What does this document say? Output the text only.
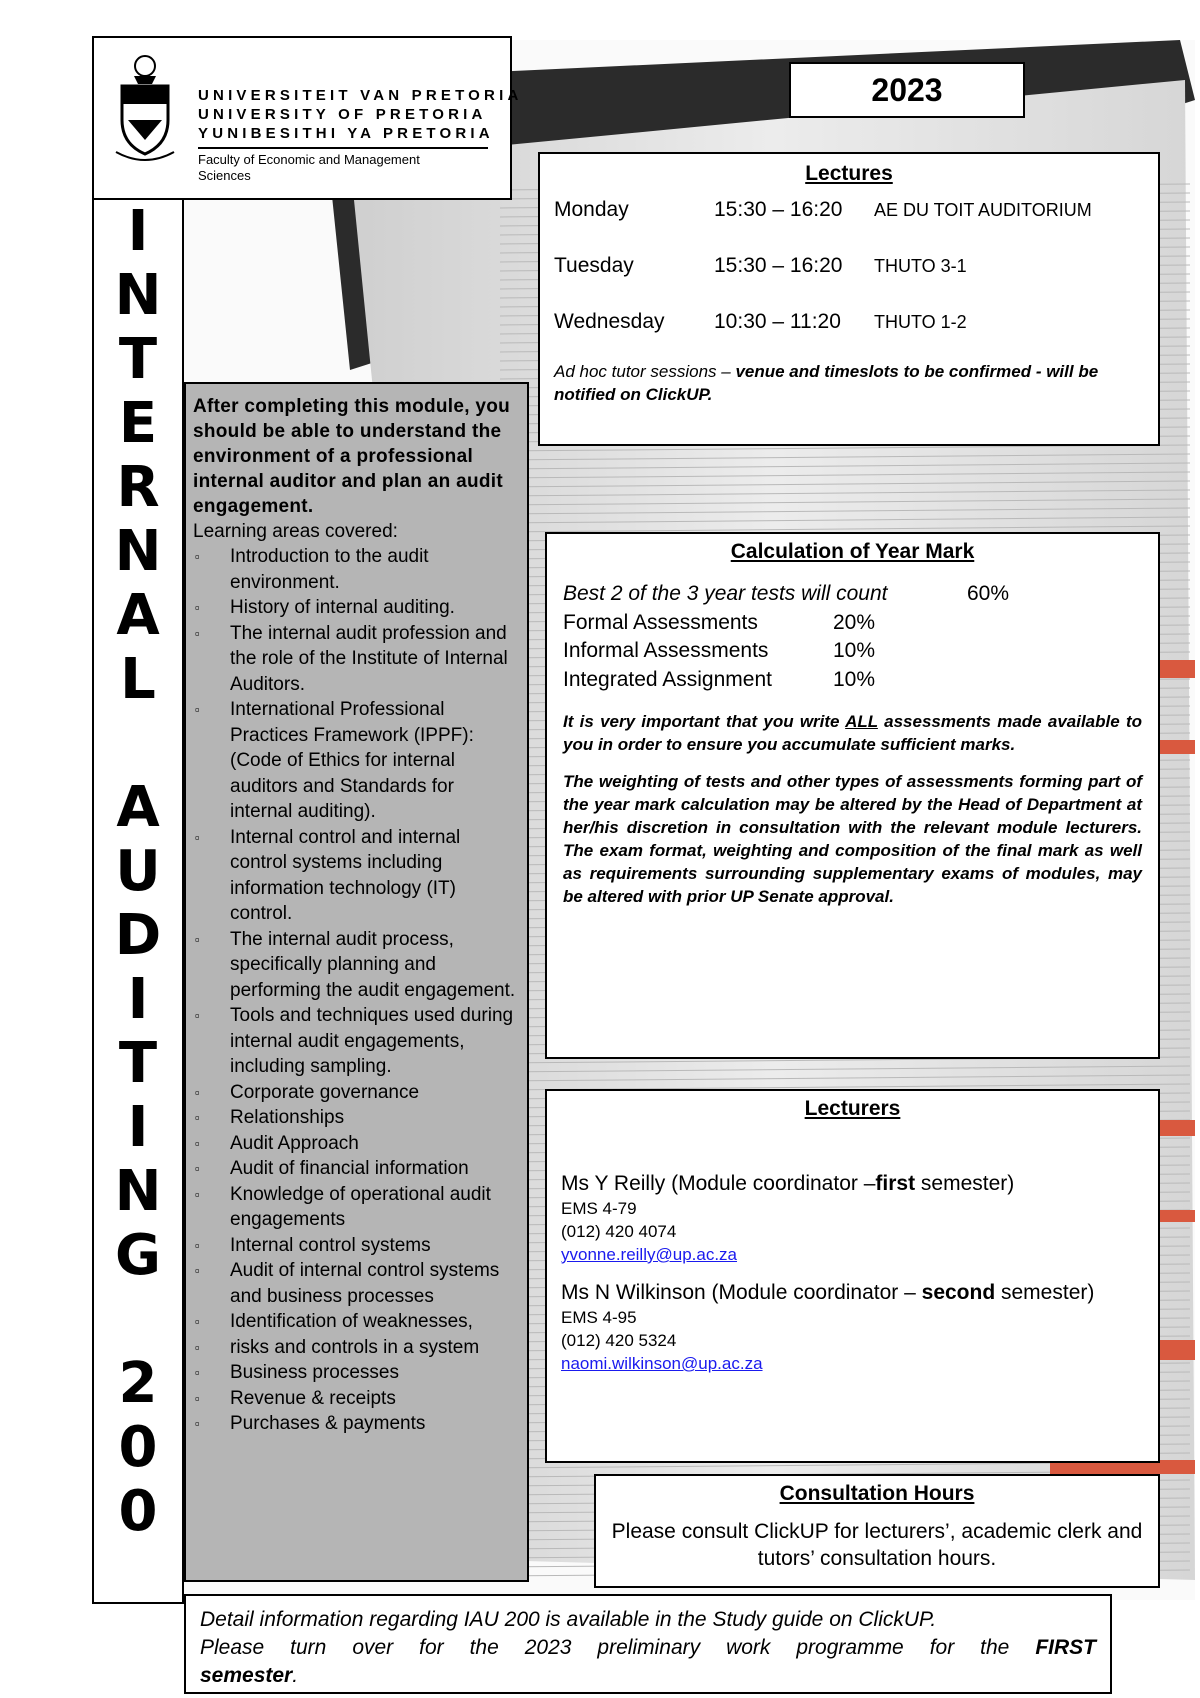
UNIVERSITEIT VAN PRETORIA
UNIVERSITY OF PRETORIA
YUNIBESITHI YA PRETORIA
Faculty of Economic and Management Sciences
I
N
T
E
R
N
A
L
A
U
D
I
T
I
N
G
2
0
0
After completing this module, you should be able to understand the environment of a professional internal auditor and plan an audit engagement.
Learning areas covered:
▫ Introduction to the audit environment.
▫ History of internal auditing.
▫ The internal audit profession and the role of the Institute of Internal Auditors.
▫ International Professional Practices Framework (IPPF): (Code of Ethics for internal auditors and Standards for internal auditing).
▫ Internal control and internal control systems including information technology (IT) control.
▫ The internal audit process, specifically planning and performing the audit engagement.
▫ Tools and techniques used during internal audit engagements, including sampling.
▫ Corporate governance
▫ Relationships
▫ Audit Approach
▫ Audit of financial information
▫ Knowledge of operational audit engagements
▫ Internal control systems
▫ Audit of internal control systems and business processes
▫ Identification of weaknesses,
▫ risks and controls in a system
▫ Business processes
▫ Revenue & receipts
▫ Purchases & payments
2023
Lectures
Monday	15:30 – 16:20 AE DU TOIT AUDITORIUM
Tuesday	15:30 – 16:20 THUTO 3-1
Wednesday 10:30 – 11:20 THUTO 1-2
Ad hoc tutor sessions – venue and timeslots to be confirmed - will be notified on ClickUP.
Calculation of Year Mark
Best 2 of the 3 year tests will count	60%
Formal Assessments	20%
Informal Assessments	10%
Integrated Assignment	10%
It is very important that you write ALL assessments made available to you in order to ensure you accumulate sufficient marks.
The weighting of tests and other types of assessments forming part of the year mark calculation may be altered by the Head of Department at her/his discretion in consultation with the relevant module lecturers. The exam format, weighting and composition of the final mark as well as requirements surrounding supplementary exams of modules, may be altered with prior UP Senate approval.
Lecturers
Ms Y Reilly (Module coordinator –first semester)
EMS 4-79
(012) 420 4074
yvonne.reilly@up.ac.za
Ms N Wilkinson (Module coordinator – second semester)
EMS 4-95
(012) 420 5324
naomi.wilkinson@up.ac.za
Consultation Hours
Please consult ClickUP for lecturers’, academic clerk and tutors’ consultation hours.
Detail information regarding IAU 200 is available in the Study guide on ClickUP.
Please turn over for the 2023 preliminary work programme for the FIRST
semester.
